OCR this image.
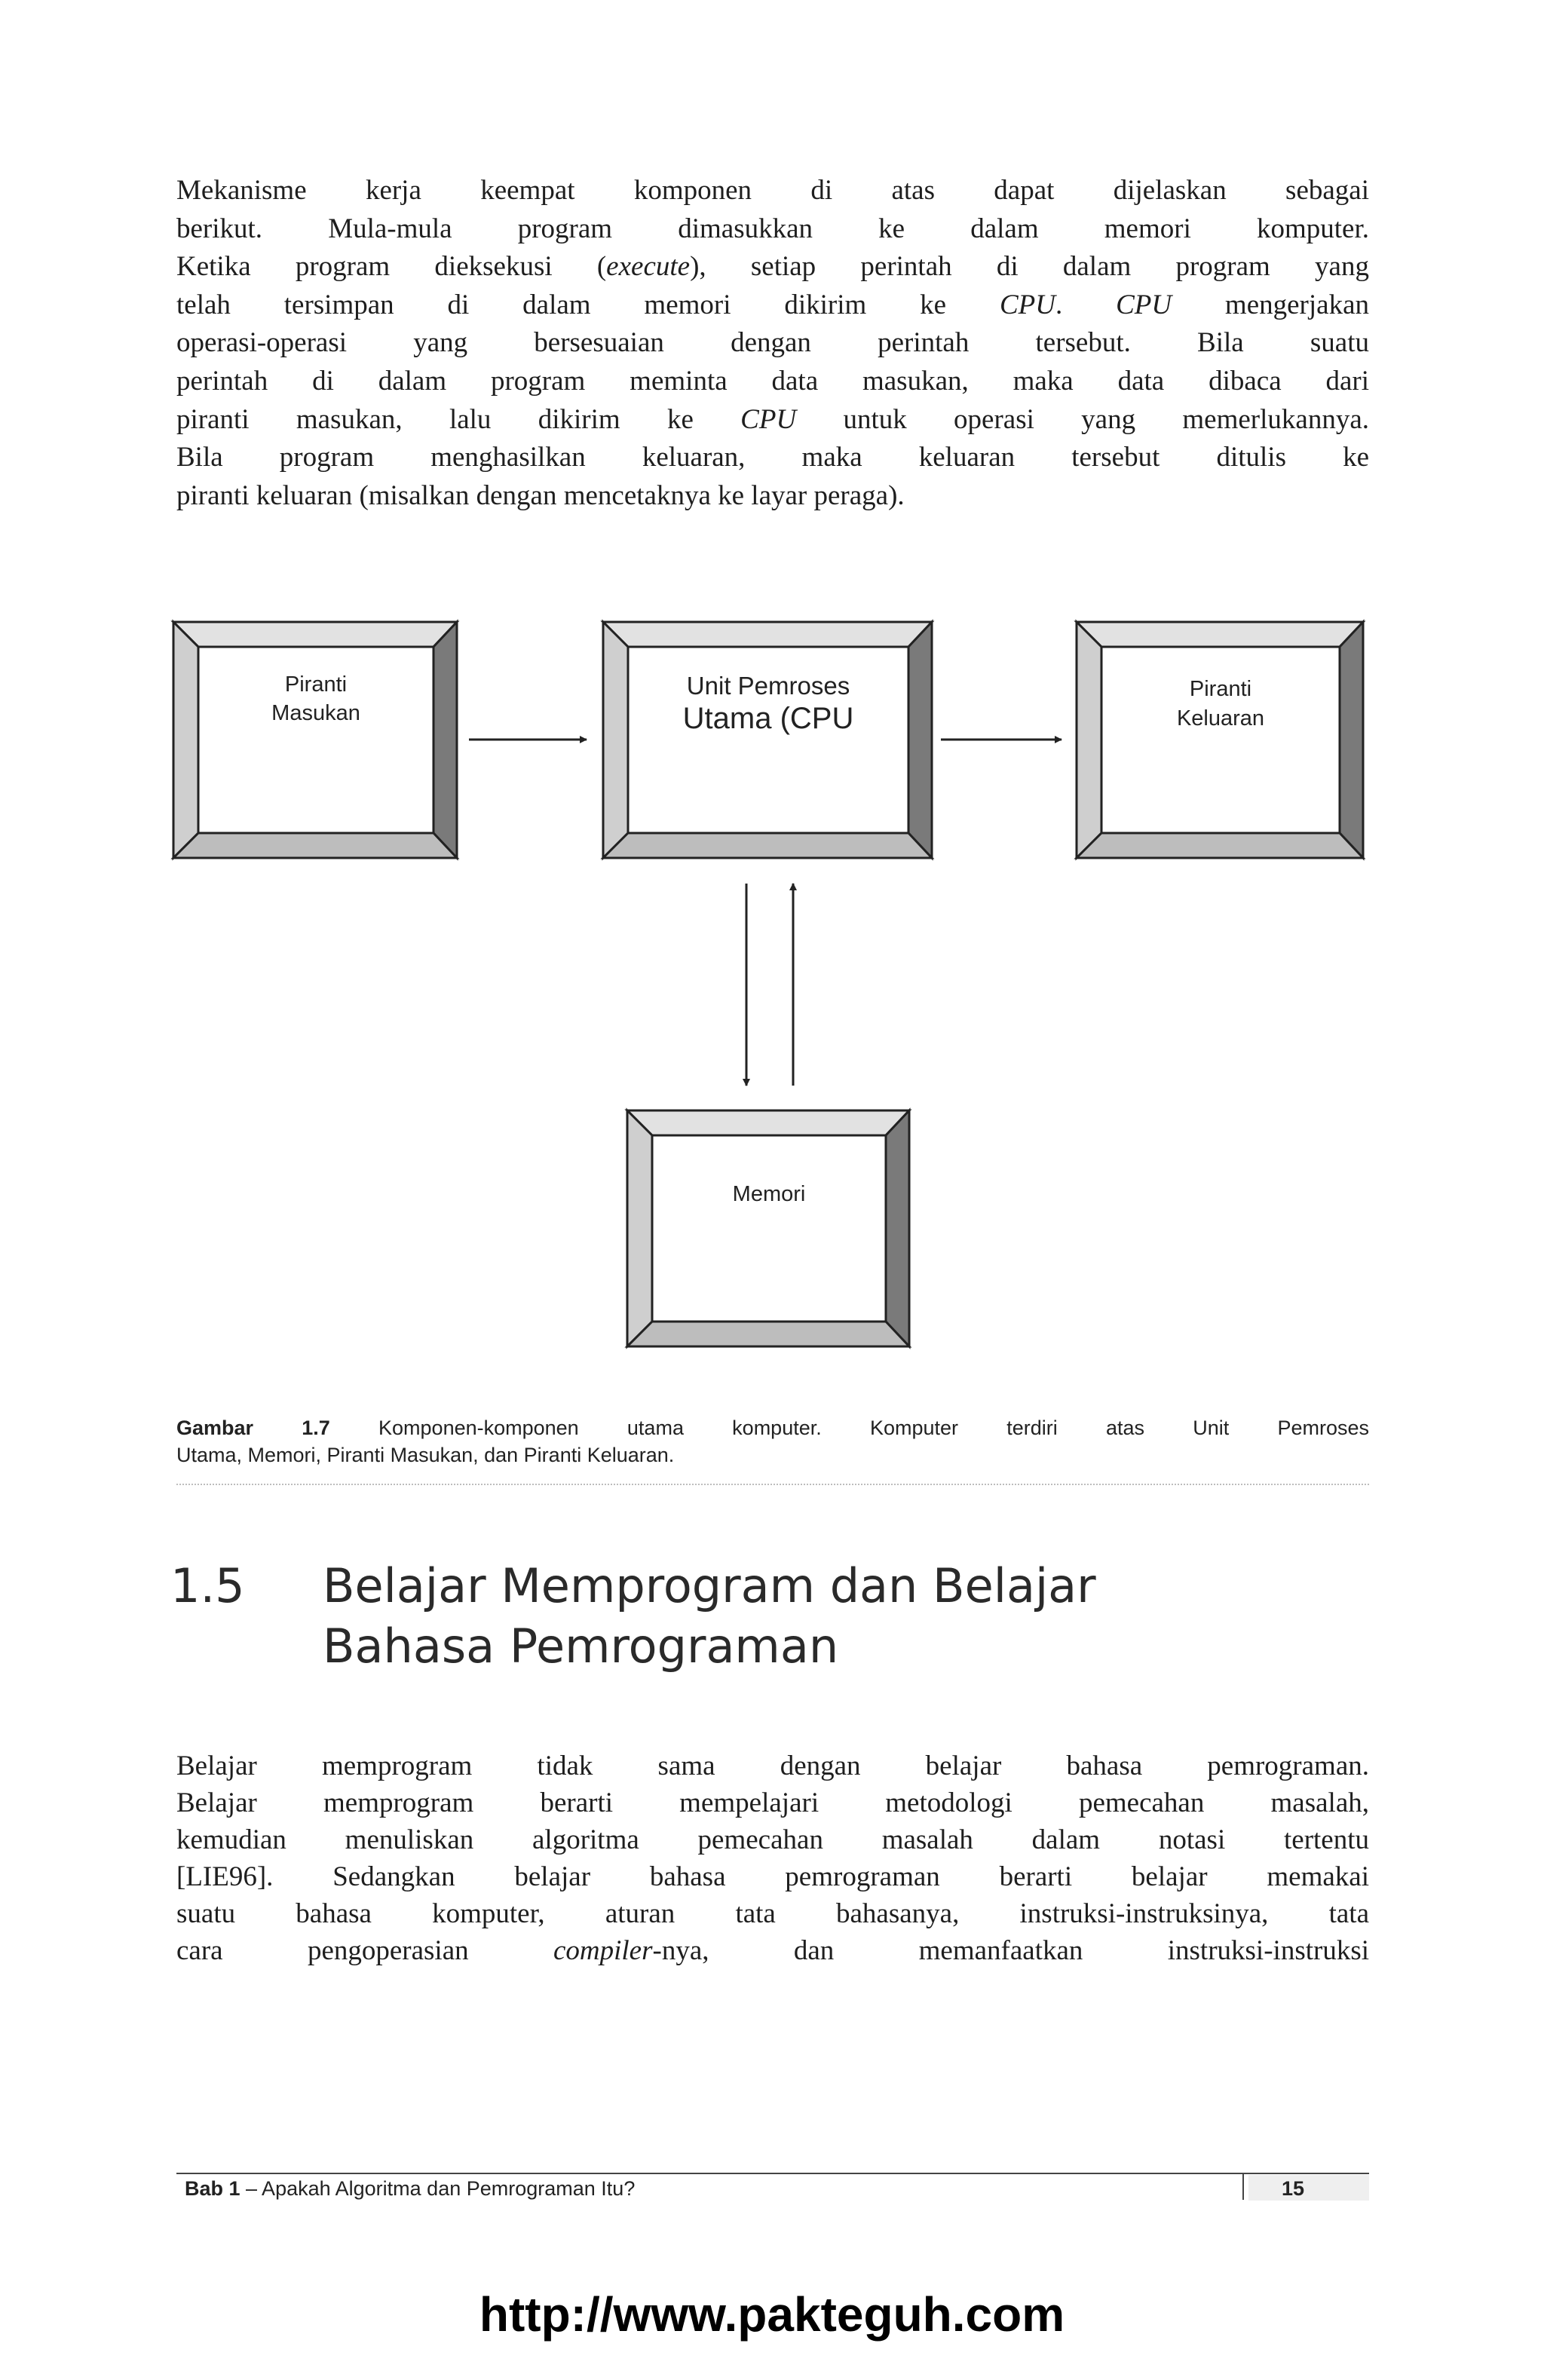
Mekanisme kerja keempat komponen di atas dapat dijelaskan sebagai
berikut. Mula-mula program dimasukkan ke dalam memori komputer.
Ketika program dieksekusi (execute), setiap perintah di dalam program yang
telah tersimpan di dalam memori dikirim ke CPU. CPU mengerjakan
operasi-operasi yang bersesuaian dengan perintah tersebut. Bila suatu
perintah di dalam program meminta data masukan, maka data dibaca dari
piranti masukan, lalu dikirim ke CPU untuk operasi yang memerlukannya.
Bila program menghasilkan keluaran, maka keluaran tersebut ditulis ke
piranti keluaran (misalkan dengan mencetaknya ke layar peraga).
Piranti
Masukan
Unit Pemroses
Utama (CPU
Piranti
Keluaran
Memori
Gambar 1.7 Komponen-komponen utama komputer. Komputer terdiri atas Unit Pemroses
Utama, Memori, Piranti Masukan, dan Piranti Keluaran.
1.5 Belajar Memprogram dan Belajar
Bahasa Pemrograman
Belajar memprogram tidak sama dengan belajar bahasa pemrograman.
Belajar memprogram berarti mempelajari metodologi pemecahan masalah,
kemudian menuliskan algoritma pemecahan masalah dalam notasi tertentu
[LIE96]. Sedangkan belajar bahasa pemrograman berarti belajar memakai
suatu bahasa komputer, aturan tata bahasanya, instruksi-instruksinya, tata
cara pengoperasian compiler-nya, dan memanfaatkan instruksi-instruksi
Bab 1 – Apakah Algoritma dan Pemrograman Itu?	15
http://www.pakteguh.com
